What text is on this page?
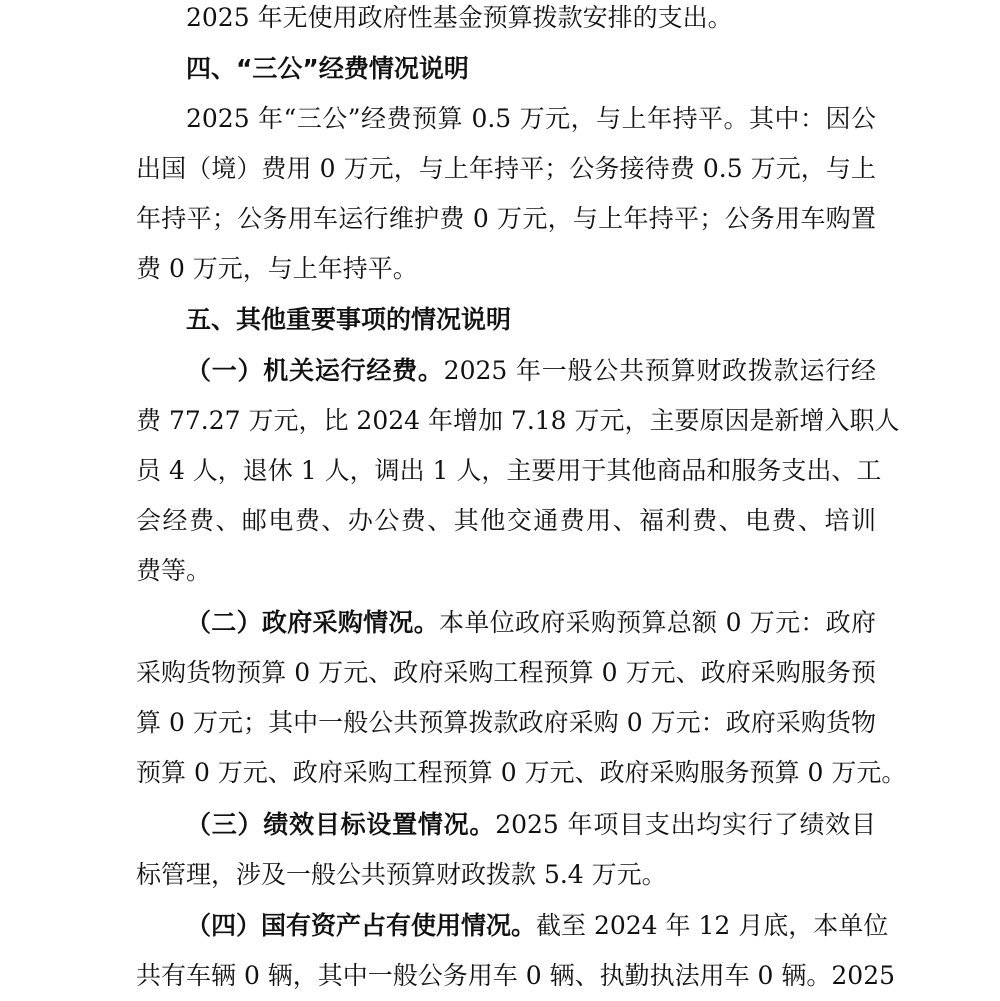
2025 年无使用政府性基金预算拨款安排的支出。
四、“三公”经费情况说明
2025 年“三公”经费预算 0.5 万元，与上年持平。其中：因公
出国（境）费用 0 万元，与上年持平；公务接待费 0.5 万元，与上
年持平；公务用车运行维护费 0 万元，与上年持平；公务用车购置
费 0 万元，与上年持平。
五、其他重要事项的情况说明
（一）机关运行经费。2025 年一般公共预算财政拨款运行经
费 77.27 万元，比 2024 年增加 7.18 万元，主要原因是新增入职人
员 4 人，退休 1 人，调出 1 人，主要用于其他商品和服务支出、工
会经费、邮电费、办公费、其他交通费用、福利费、电费、培训
费等。
（二）政府采购情况。本单位政府采购预算总额 0 万元：政府
采购货物预算 0 万元、政府采购工程预算 0 万元、政府采购服务预
算 0 万元；其中一般公共预算拨款政府采购 0 万元：政府采购货物
预算 0 万元、政府采购工程预算 0 万元、政府采购服务预算 0 万元。
（三）绩效目标设置情况。2025 年项目支出均实行了绩效目
标管理，涉及一般公共预算财政拨款 5.4 万元。
（四）国有资产占有使用情况。截至 2024 年 12 月底，本单位
共有车辆 0 辆，其中一般公务用车 0 辆、执勤执法用车 0 辆。2025
